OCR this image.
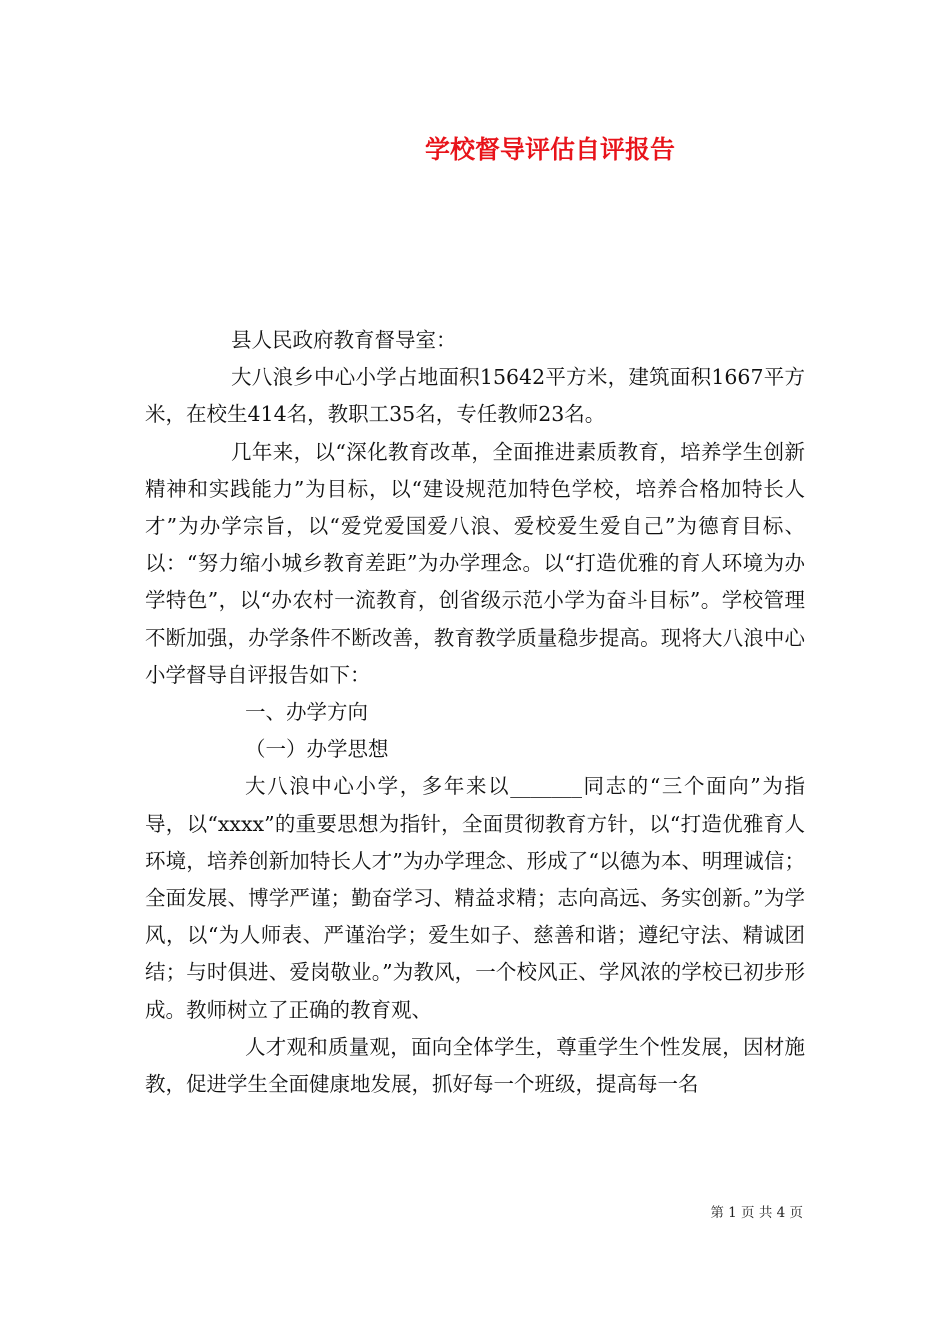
学校督导评估自评报告

县人民政府教育督导室：

大八浪乡中心小学占地面积15642平方米，建筑面积1667平方米，在校生414名，教职工35名，专任教师23名。

几年来，以“深化教育改革，全面推进素质教育，培养学生创新精神和实践能力”为目标，以“建设规范加特色学校，培养合格加特长人才”为办学宗旨，以“爱党爱国爱八浪、爱校爱生爱自己”为德育目标、以：“努力缩小城乡教育差距”为办学理念。以“打造优雅的育人环境为办学特色”，以“办农村一流教育，创省级示范小学为奋斗目标”。学校管理不断加强，办学条件不断改善，教育教学质量稳步提高。现将大八浪中心小学督导自评报告如下：

一、办学方向

（一）办学思想

大八浪中心小学，多年来以_______同志的“三个面向”为指导，以“xxxx”的重要思想为指针，全面贯彻教育方针，以“打造优雅育人环境，培养创新加特长人才”为办学理念、形成了“以德为本、明理诚信；全面发展、博学严谨；勤奋学习、精益求精；志向高远、务实创新。”为学风，以“为人师表、严谨治学；爱生如子、慈善和谐；遵纪守法、精诚团结；与时俱进、爱岗敬业。”为教风，一个校风正、学风浓的学校已初步形成。教师树立了正确的教育观、

人才观和质量观，面向全体学生，尊重学生个性发展，因材施教，促进学生全面健康地发展，抓好每一个班级，提高每一名

第 1 页 共 4 页
